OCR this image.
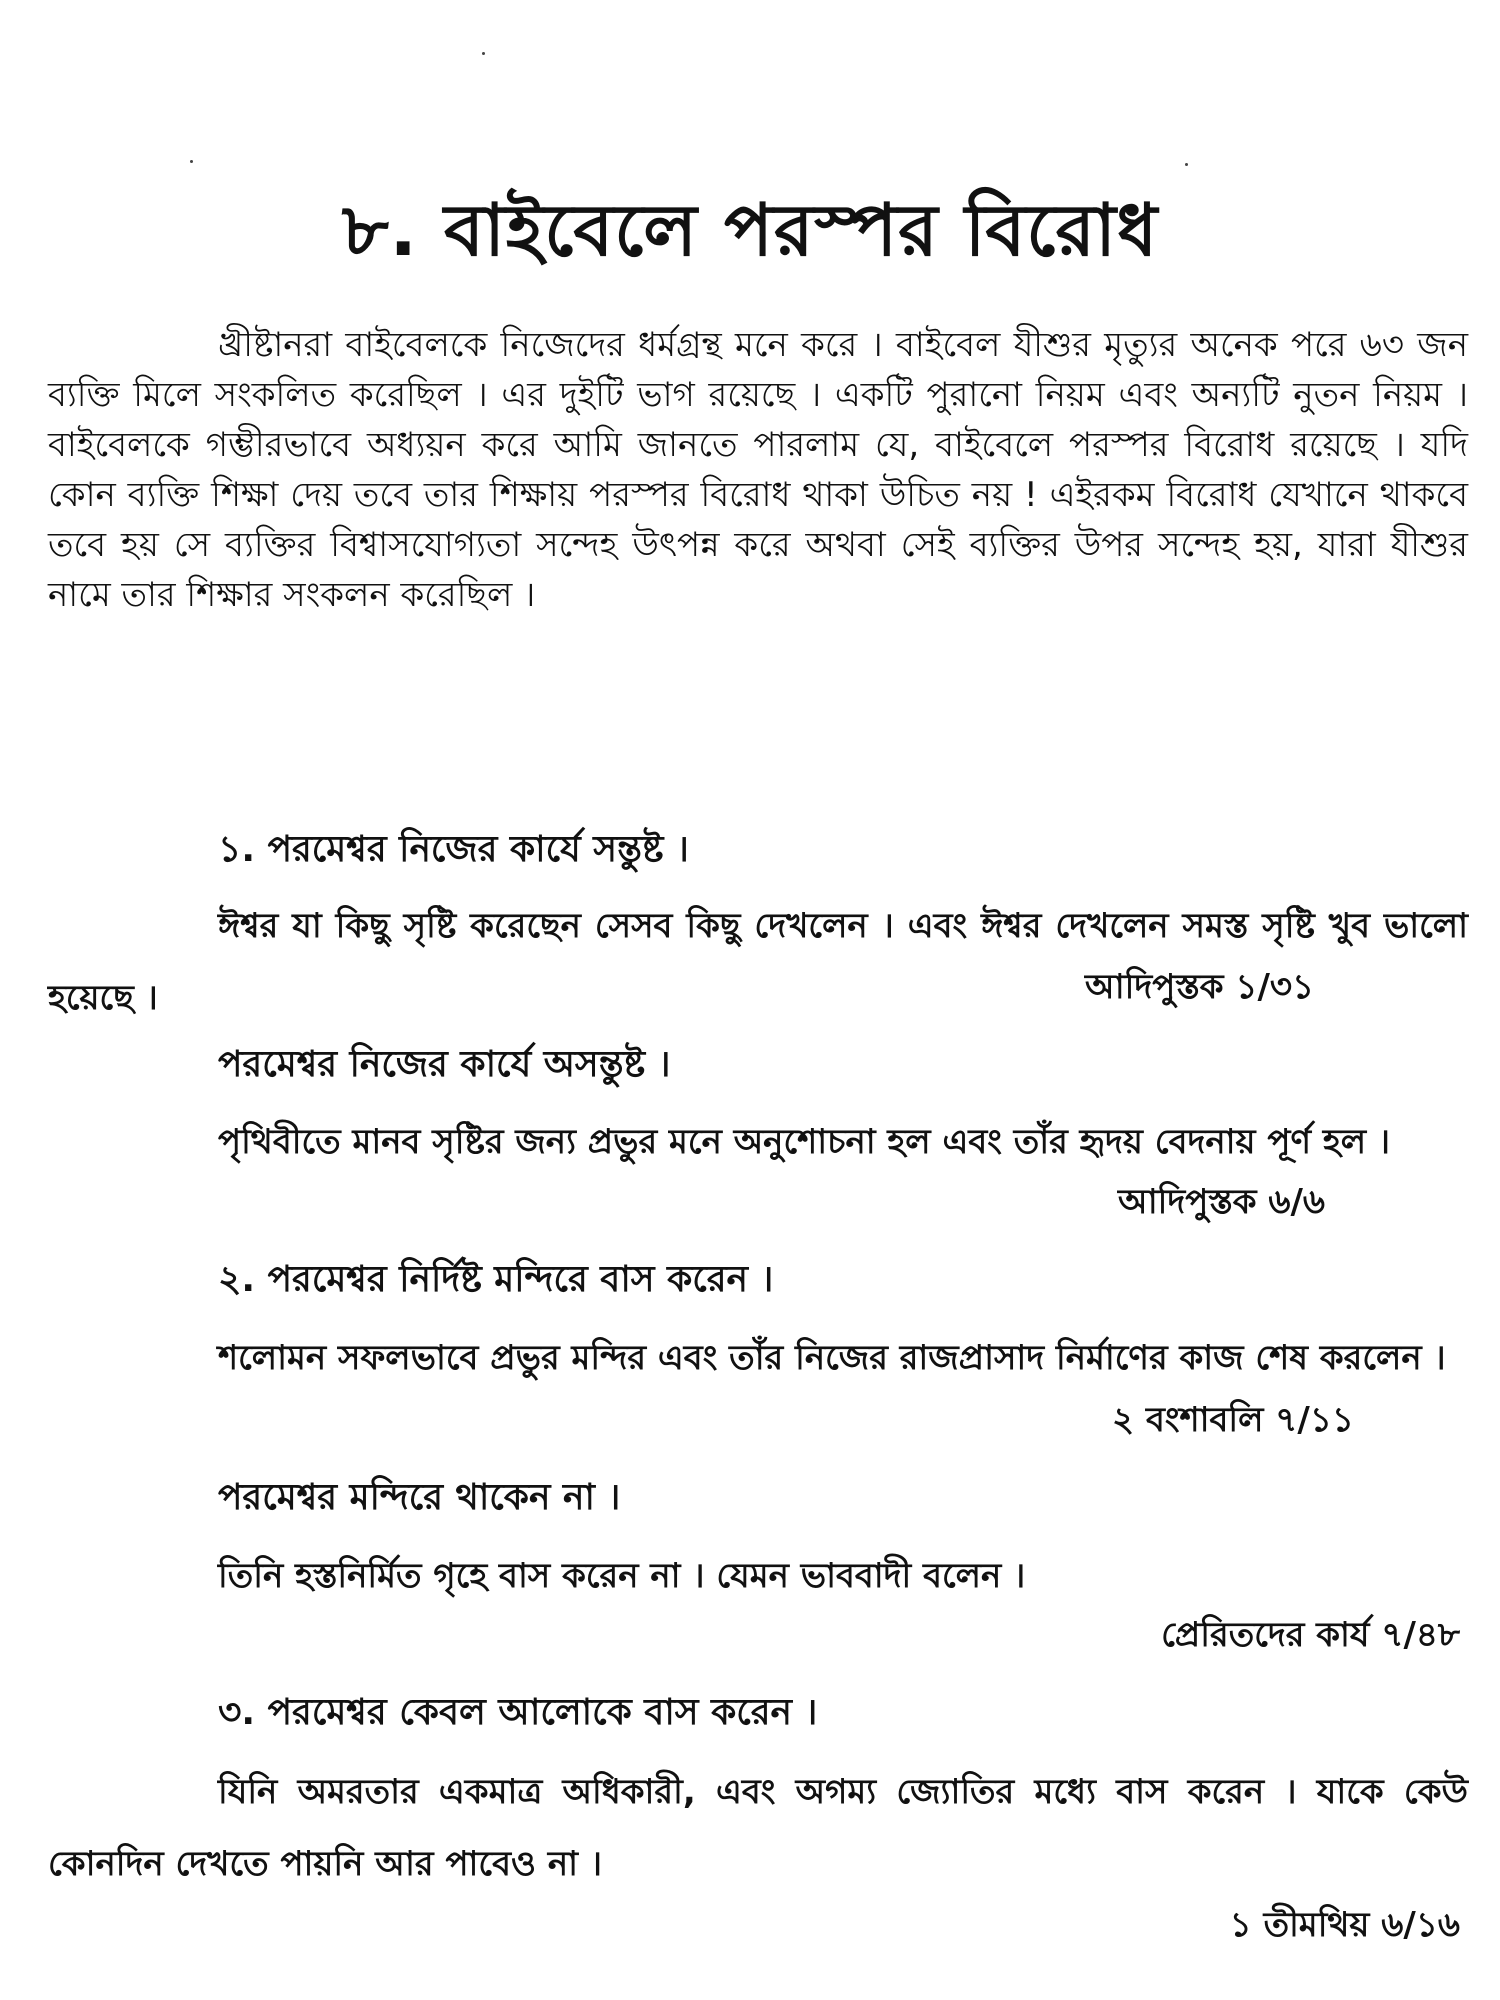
৮. বাইবেলে পরস্পর বিরোধ
খ্রীষ্টানরা বাইবেলকে নিজেদের ধর্মগ্রন্থ মনে করে । বাইবেল যীশুর মৃত্যুর অনেক পরে ৬৩ জন ব্যক্তি মিলে সংকলিত করেছিল । এর দুইটি ভাগ রয়েছে । একটি পুরানো নিয়ম এবং অন্যটি নুতন নিয়ম । বাইবেলকে গম্ভীরভাবে অধ্যয়ন করে আমি জানতে পারলাম যে, বাইবেলে পরস্পর বিরোধ রয়েছে । যদি কোন ব্যক্তি শিক্ষা দেয় তবে তার শিক্ষায় পরস্পর বিরোধ থাকা উচিত নয় ! এইরকম বিরোধ যেখানে থাকবে তবে হয় সে ব্যক্তির বিশ্বাসযোগ্যতা সন্দেহ উৎপন্ন করে অথবা সেই ব্যক্তির উপর সন্দেহ হয়, যারা যীশুর নামে তার শিক্ষার সংকলন করেছিল ।
১. পরমেশ্বর নিজের কার্যে সন্তুষ্ট ।
ঈশ্বর যা কিছু সৃষ্টি করেছেন সেসব কিছু দেখলেন । এবং ঈশ্বর দেখলেন সমস্ত সৃষ্টি খুব ভালো হয়েছে ।	আদিপুস্তক ১/৩১
পরমেশ্বর নিজের কার্যে অসন্তুষ্ট ।
পৃথিবীতে মানব সৃষ্টির জন্য প্রভুর মনে অনুশোচনা হল এবং তাঁর হৃদয় বেদনায় পূর্ণ হল ।
আদিপুস্তক ৬/৬
২. পরমেশ্বর নির্দিষ্ট মন্দিরে বাস করেন ।
শলোমন সফলভাবে প্রভুর মন্দির এবং তাঁর নিজের রাজপ্রাসাদ নির্মাণের কাজ শেষ করলেন ।
২ বংশাবলি ৭/১১
পরমেশ্বর মন্দিরে থাকেন না ।
তিনি হস্তনির্মিত গৃহে বাস করেন না । যেমন ভাববাদী বলেন ।
প্রেরিতদের কার্য ৭/৪৮
৩. পরমেশ্বর কেবল আলোকে বাস করেন ।
যিনি অমরতার একমাত্র অধিকারী, এবং অগম্য জ্যোতির মধ্যে বাস করেন । যাকে কেউ কোনদিন দেখতে পায়নি আর পাবেও না ।
১ তীমথিয় ৬/১৬
